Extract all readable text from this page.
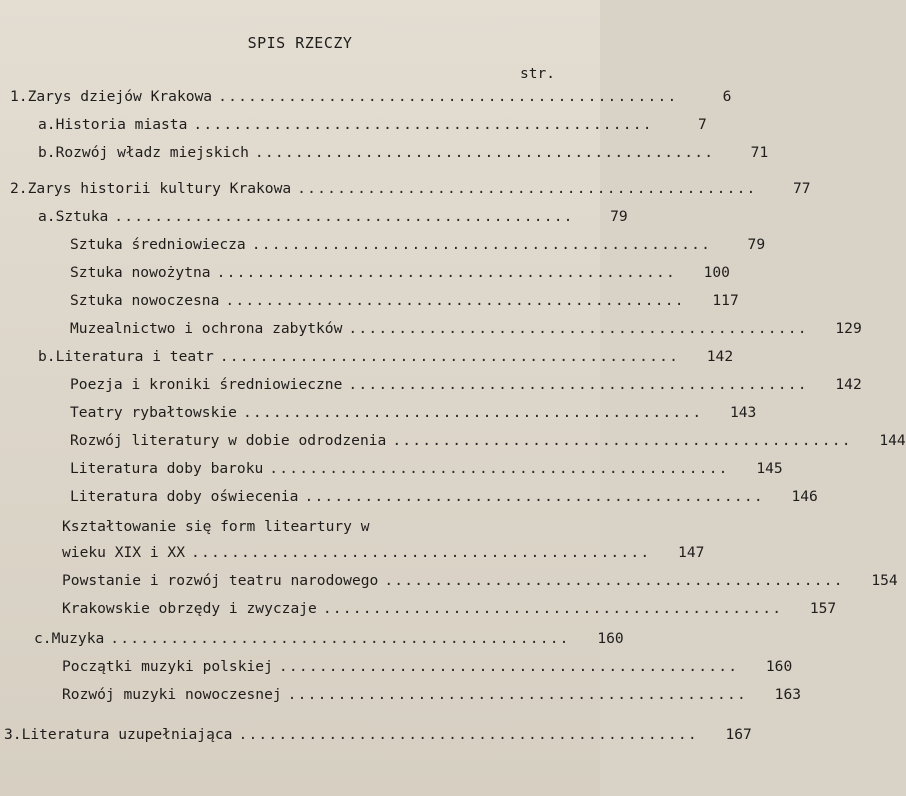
SPIS RZECZY
str.
1. Zarys dziejów Krakowa ..............................................	6
a. Historia miasta ..............................................	7
b. Rozwój władz miejskich ..............................................	71
2. Zarys historii kultury Krakowa ..............................................	77
a. Sztuka ..............................................	79
Sztuka średniowiecza ..............................................	79
Sztuka nowożytna ..............................................	100
Sztuka nowoczesna ..............................................	117
Muzealnictwo i ochrona zabytków ..............................................	129
b. Literatura i teatr ..............................................	142
Poezja i kroniki średniowieczne ..............................................	142
Teatry rybałtowskie ..............................................	143
Rozwój literatury w dobie odrodzenia ..............................................	144
Literatura doby baroku ..............................................	145
Literatura doby oświecenia ..............................................	146
Kształtowanie się form liteartury w
wieku XIX i XX ..............................................	147
Powstanie i rozwój teatru narodowego ..............................................	154
Krakowskie obrzędy i zwyczaje ..............................................	157
c. Muzyka ..............................................	160
Początki muzyki polskiej ..............................................	160
Rozwój muzyki nowoczesnej ..............................................	163
3. Literatura uzupełniająca ..............................................	167
